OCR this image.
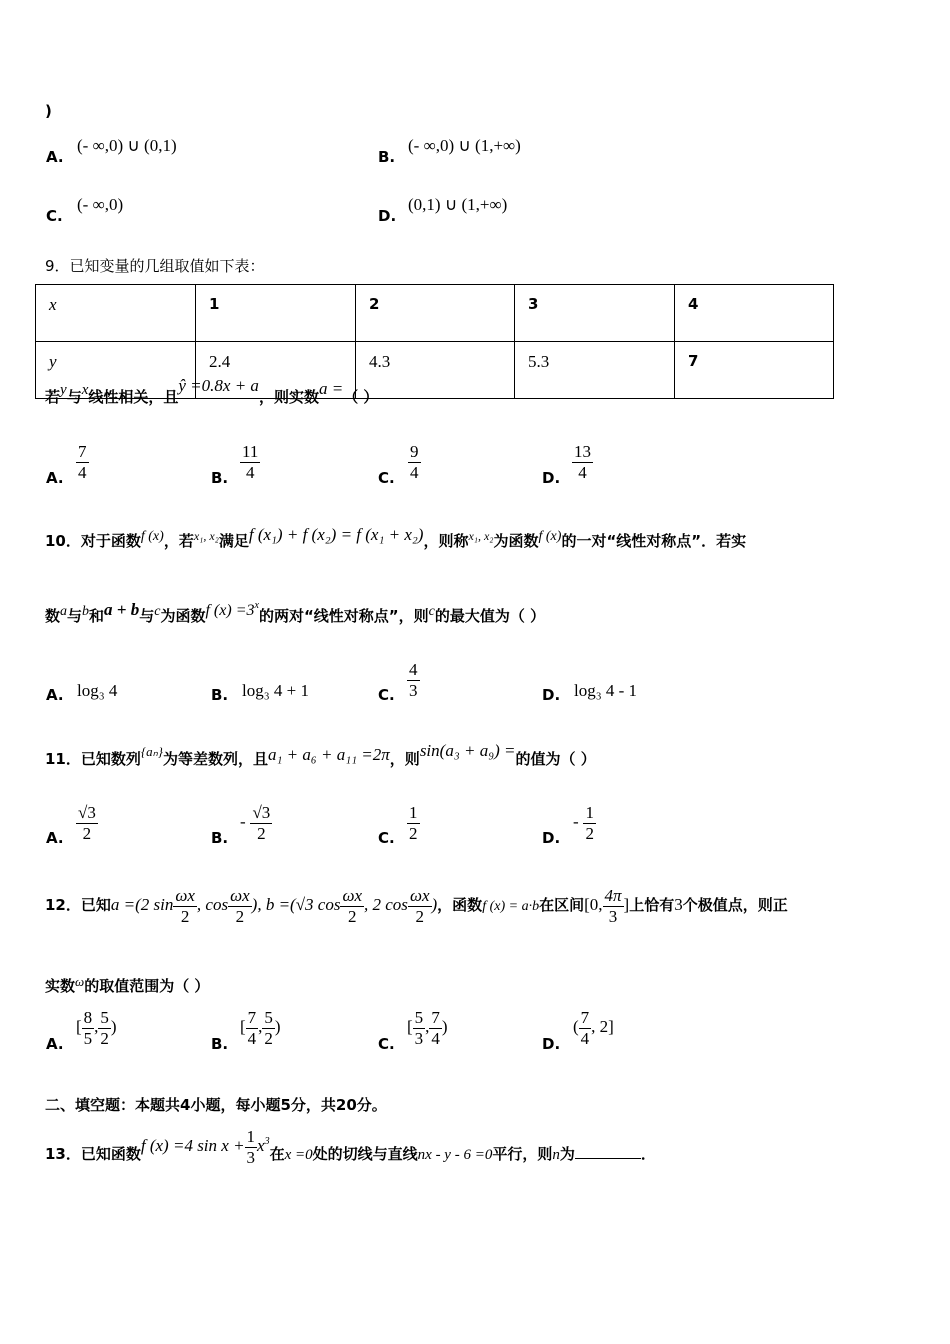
)
A.
(- ∞,0) ∪ (0,1)
B.
(- ∞,0) ∪ (1,+∞)
C.
(- ∞,0)
D.
(0,1) ∪ (1,+∞)
9．已知变量的几组取值如下表：
x	1	2	3	4
y	2.4	4.3	5.3	7
若y与x线性相关，且ŷ =0.8x + a，则实数a =（ ）
A. $\frac{7}{4}$	B. $\frac{11}{4}$	C. $\frac{9}{4}$	D. $\frac{13}{4}$
10．对于函数f (x)，若$^{x_1, x_2}$满足f (x₁) + f (x₂) = f (x₁ + x₂)，则称$^{x_1, x_2}$为函数f (x)的一对“线性对称点”．若实
数a与b和a + b与c为函数f $(x) =3^x$的两对“线性对称点”，则c的最大值为（ ）
A. log₃ 4	B. log₃ 4 + 1	C. $\frac{4}{3}$	D. log₃ 4 - 1
11．已知数列{aₙ}为等差数列，且a₁ + a₆ + a₁₁ =2π，则sin(a₃ + a₉) =的值为（ ）
A. $\frac{√3}{2}$	B.
- $\frac{√3}{2}$	C. $\frac{1}{2}$	D.
- $\frac{1}{2}$
12．已知a =(2 $\sin \frac{\omega x}{2}$ , $\cos \frac{\omega x}{2}$ ), b =(√3 $\cos \frac{\omega x}{2}$ , 2 $\cos \frac{\omega x}{2}$ )，函数f (x) = a·b在区间[0, $\frac{4\pi}{3}$ ]上恰有3个极值点，则正
实数ω的取值范围为（ ）
A.
[ $\frac{8}{5}$ , $\frac{5}{2}$ )
B.
[ $\frac{7}{4}$ , $\frac{5}{2}$ )
C.
[ $\frac{5}{3}$ , $\frac{7}{4}$ )
D.
( $\frac{7}{4}$ , 2]
二、填空题：本题共4小题，每小题5分，共20分。
13．已知函数f (x) =4 $\sin x + \frac{1}{3} x^3$在x =0处的切线与直线nx - y - 6 =0平行，则n为	．
